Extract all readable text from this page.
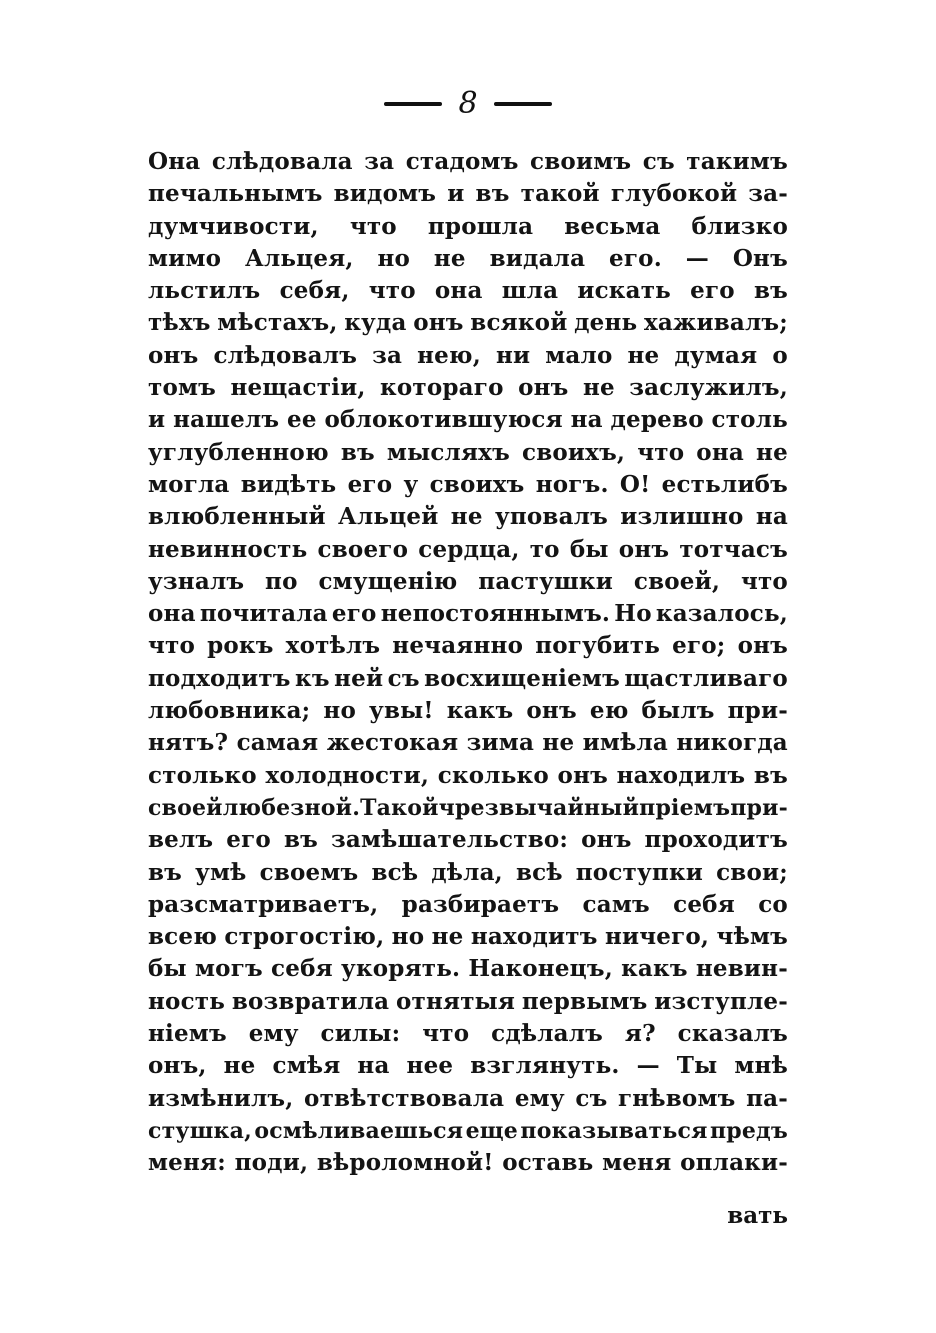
8
Она слѣдовала за стадомъ своимъ съ такимъ
печальнымъ видомъ и въ такой глубокой за-
думчивости, что прошла весьма близко
мимо Альцея, но не видала его. — Онъ
льстилъ себя, что она шла искать его въ
тѣхъ мѣстахъ, куда онъ всякой день хаживалъ;
онъ слѣдовалъ за нею, ни мало не думая о
томъ нещастіи, котораго онъ не заслужилъ,
и нашелъ ее облокотившуюся на дерево столь
углубленною въ мысляхъ своихъ, что она не
могла видѣть его у своихъ ногъ. О! естьлибъ
влюбленный Альцей не уповалъ излишно на
невинность своего сердца, то бы онъ тотчасъ
узналъ по смущенію пастушки своей, что
она почитала его непостояннымъ. Но казалось,
что рокъ хотѣлъ нечаянно погубить его; онъ
подходитъ къ ней съ восхищеніемъ щастливаго
любовника; но увы! какъ онъ ею былъ при-
нятъ? самая жестокая зима не имѣла никогда
столько холодности, сколько онъ находилъ въ
своей любезной. Такой чрезвычайный пріемъ при-
велъ его въ замѣшательство: онъ проходитъ
въ умѣ своемъ всѣ дѣла, всѣ поступки свои;
разсматриваетъ, разбираетъ самъ себя со
всею строгостію, но не находитъ ничего, чѣмъ
бы могъ себя укорять. Наконецъ, какъ невин-
ность возвратила отнятыя первымъ изступле-
ніемъ ему силы: что сдѣлалъ я? сказалъ
онъ, не смѣя на нее взглянуть. — Ты мнѣ
измѣнилъ, отвѣтствовала ему съ гнѣвомъ па-
стушка, осмѣливаешься еще показываться предъ
меня: поди, вѣроломной! оставь меня оплаки-
вать
